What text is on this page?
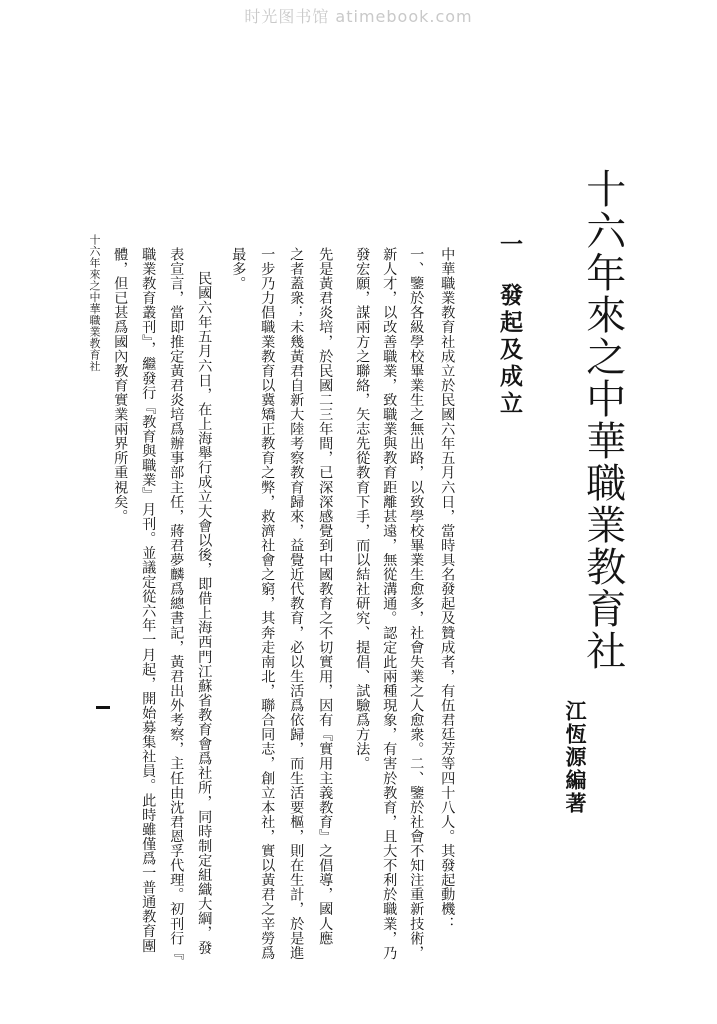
时光图书馆 atimebook.com
十六年來之中華職業教育社
江恆源編著
一發起及成立
中華職業教育社成立於民國六年五月六日，當時具名發起及贊成者，有伍君廷芳等四十八人。其發起動機：
一、鑒於各級學校畢業生之無出路，以致學校畢業生愈多，社會失業之人愈衆。二、鑒於社會不知注重新技術，
新人才，以改善職業，致職業與教育距離甚遠，無從溝通。認定此兩種現象，有害於教育，且大不利於職業，乃
發宏願，謀兩方之聯絡，矢志先從教育下手，而以結社研究、提倡、試驗爲方法。
先是黃君炎培，於民國二三年間，已深深感覺到中國教育之不切實用，因有『實用主義教育』之倡導，國人應
之者蓋衆；未幾黃君自新大陸考察教育歸來，益覺近代教育，必以生活爲依歸，而生活要樞，則在生計，於是進
一步乃力倡職業教育以冀矯正教育之弊，救濟社會之窮，其奔走南北，聯合同志，創立本社，實以黃君之辛勞爲
最多。
民國六年五月六日，在上海舉行成立大會以後，即借上海西門江蘇省教育會爲社所，同時制定組織大綱，發
表宣言，當即推定黃君炎培爲辦事部主任，蔣君夢麟爲總書記，黃君出外考察，主任由沈君恩孚代理。初刊行『
職業教育叢刊』，繼發行『教育與職業』月刊。並議定從六年一月起，開始募集社員。此時雖僅爲一普通教育團
體，但已甚爲國內教育實業兩界所重視矣。
十六年來之中華職業教育社
